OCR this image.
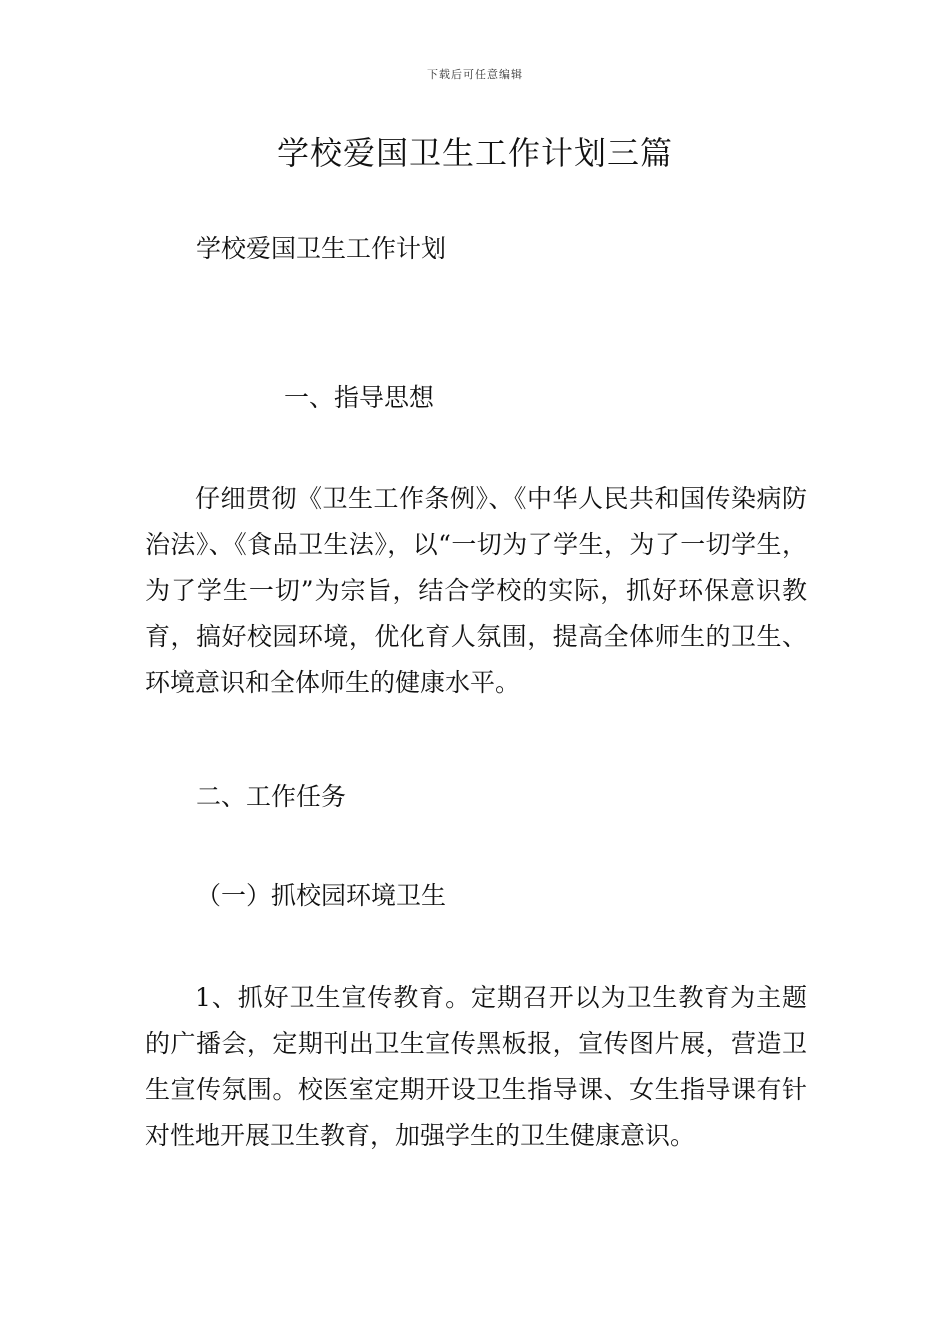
下载后可任意编辑
学校爱国卫生工作计划三篇
学校爱国卫生工作计划
一、指导思想

仔细贯彻《卫生工作条例》、《中华人民共和国传染病防治法》、《食品卫生法》，以“一切为了学生，为了一切学生，为了学生一切”为宗旨，结合学校的实际，抓好环保意识教育，搞好校园环境，优化育人氛围，提高全体师生的卫生、环境意识和全体师生的健康水平。

二、工作任务
（一）抓校园环境卫生

1、抓好卫生宣传教育。定期召开以为卫生教育为主题的广播会，定期刊出卫生宣传黑板报，宣传图片展，营造卫生宣传氛围。校医室定期开设卫生指导课、女生指导课有针对性地开展卫生教育，加强学生的卫生健康意识。
